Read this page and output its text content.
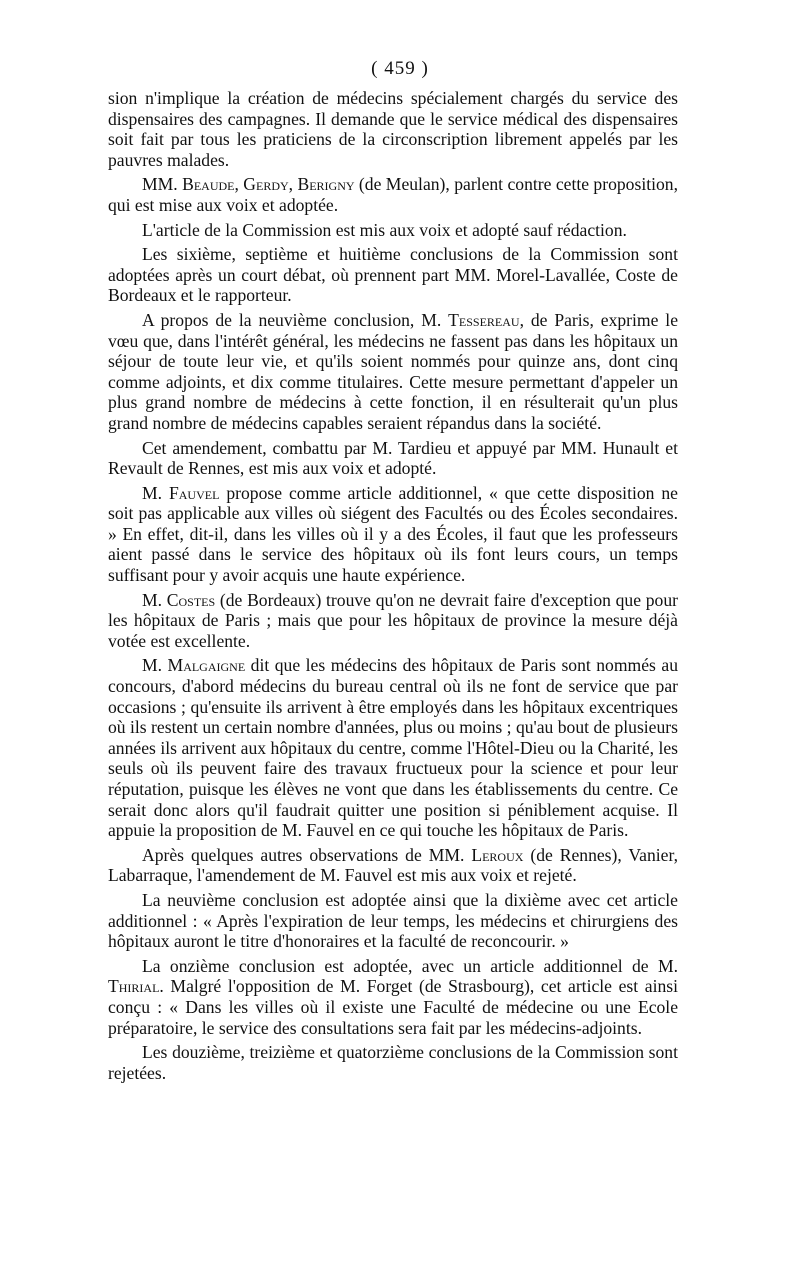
( 459 )

sion n'implique la création de médecins spécialement chargés du service des dispensaires des campagnes. Il demande que le service médical des dispensaires soit fait par tous les praticiens de la circonscription librement appelés par les pauvres malades.

MM. Beaude, Gerdy, Berigny (de Meulan), parlent contre cette proposition, qui est mise aux voix et adoptée.

L'article de la Commission est mis aux voix et adopté sauf rédaction.

Les sixième, septième et huitième conclusions de la Commission sont adoptées après un court débat, où prennent part MM. Morel-Lavallée, Coste de Bordeaux et le rapporteur.

A propos de la neuvième conclusion, M. Tessereau, de Paris, exprime le vœu que, dans l'intérêt général, les médecins ne fassent pas dans les hôpitaux un séjour de toute leur vie, et qu'ils soient nommés pour quinze ans, dont cinq comme adjoints, et dix comme titulaires. Cette mesure permettant d'appeler un plus grand nombre de médecins à cette fonction, il en résulterait qu'un plus grand nombre de médecins capables seraient répandus dans la société.

Cet amendement, combattu par M. Tardieu et appuyé par MM. Hunault et Revault de Rennes, est mis aux voix et adopté.

M. Fauvel propose comme article additionnel, « que cette disposition ne soit pas applicable aux villes où siégent des Facultés ou des Écoles secondaires. » En effet, dit-il, dans les villes où il y a des Écoles, il faut que les professeurs aient passé dans le service des hôpitaux où ils font leurs cours, un temps suffisant pour y avoir acquis une haute expérience.

M. Costes (de Bordeaux) trouve qu'on ne devrait faire d'exception que pour les hôpitaux de Paris ; mais que pour les hôpitaux de province la mesure déjà votée est excellente.

M. Malgaigne dit que les médecins des hôpitaux de Paris sont nommés au concours, d'abord médecins du bureau central où ils ne font de service que par occasions ; qu'ensuite ils arrivent à être employés dans les hôpitaux excentriques où ils restent un certain nombre d'années, plus ou moins ; qu'au bout de plusieurs années ils arrivent aux hôpitaux du centre, comme l'Hôtel-Dieu ou la Charité, les seuls où ils peuvent faire des travaux fructueux pour la science et pour leur réputation, puisque les élèves ne vont que dans les établissements du centre. Ce serait donc alors qu'il faudrait quitter une position si péniblement acquise. Il appuie la proposition de M. Fauvel en ce qui touche les hôpitaux de Paris.

Après quelques autres observations de MM. Leroux (de Rennes), Vanier, Labarraque, l'amendement de M. Fauvel est mis aux voix et rejeté.

La neuvième conclusion est adoptée ainsi que la dixième avec cet article additionnel : « Après l'expiration de leur temps, les médecins et chirurgiens des hôpitaux auront le titre d'honoraires et la faculté de reconcourir. »

La onzième conclusion est adoptée, avec un article additionnel de M. Thirial. Malgré l'opposition de M. Forget (de Strasbourg), cet article est ainsi conçu : « Dans les villes où il existe une Faculté de médecine ou une Ecole préparatoire, le service des consultations sera fait par les médecins-adjoints.

Les douzième, treizième et quatorzième conclusions de la Commission sont rejetées.
